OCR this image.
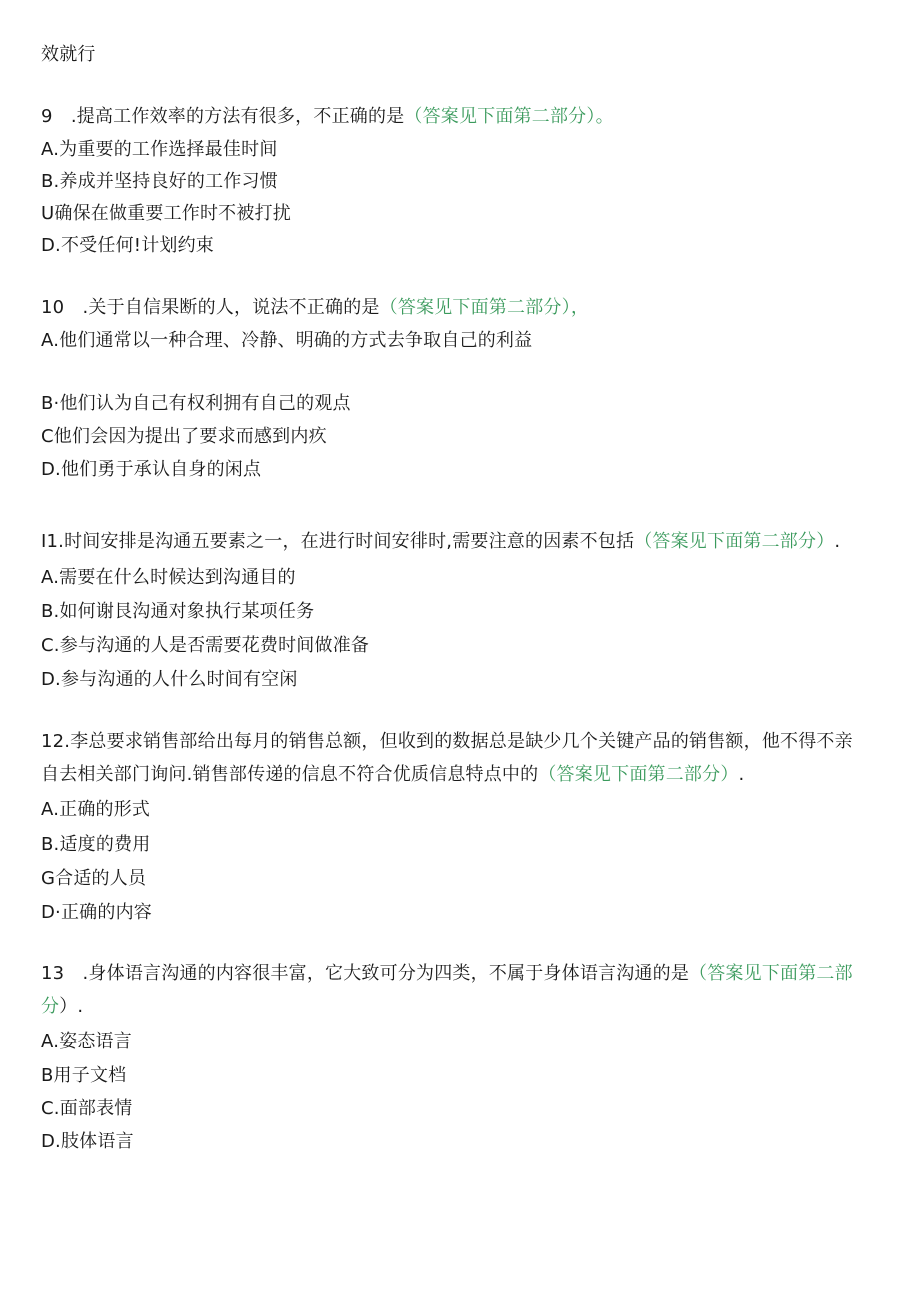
效就行
9　.提高工作效率的方法有很多，不正确的是（答案见下面第二部分）。
A.为重要的工作选择最佳时间
B.养成并坚持良好的工作习惯
U确保在做重要工作时不被打扰
D.不受任何!计划约束
10　.关于自信果断的人，说法不正确的是（答案见下面第二部分），
A.他们通常以一种合理、冷静、明确的方式去争取自己的利益
B·他们认为自己有权利拥有自己的观点
C他们会因为提出了要求而感到内疚
D.他们勇于承认自身的闲点
I1.时间安排是沟通五要素之一，在进行时间安徘时,需要注意的因素不包括（答案见下面第二部分）.
A.需要在什么时候达到沟通目的
B.如何谢艮沟通对象执行某项任务
C.参与沟通的人是否需要花费时间做准备
D.参与沟通的人什么时间有空闲
12.李总要求销售部给出每月的销售总额，但收到的数据总是缺少几个关键产品的销售额，他不得不亲
自去相关部门询问.销售部传递的信息不符合优质信息特点中的（答案见下面第二部分）.
A.正确的形式
B.适度的费用
G合适的人员
D·正确的内容
13　.身体语言沟通的内容很丰富，它大致可分为四类，不属于身体语言沟通的是（答案见下面第二部
分）.
A.姿态语言
B用子文档
C.面部表情
D.肢体语言
